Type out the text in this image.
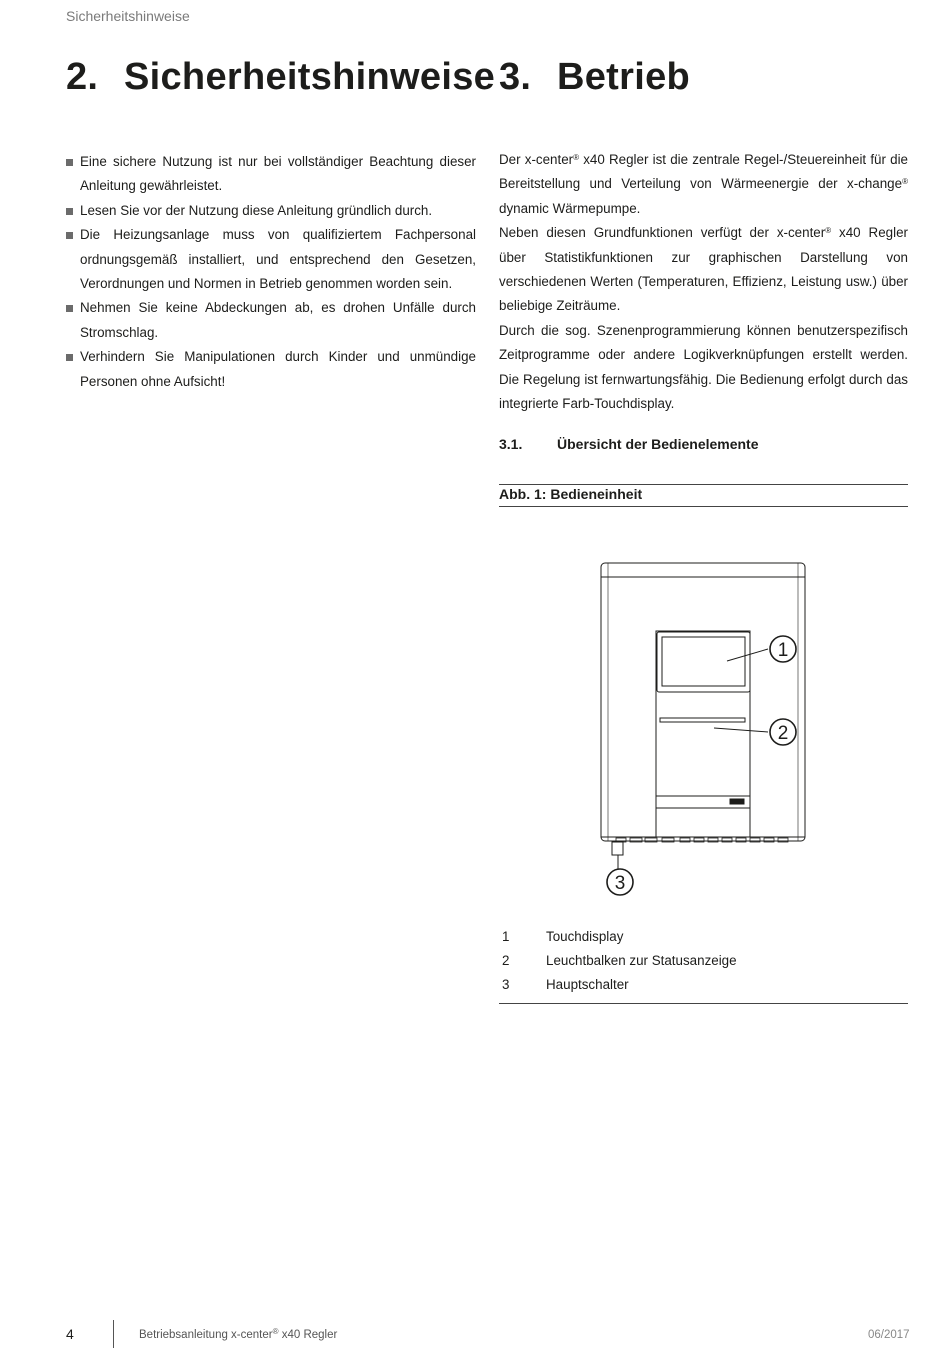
Sicherheitshinweise
2. Sicherheitshinweise 3. Betrieb
Eine sichere Nutzung ist nur bei vollständiger Beachtung dieser Anleitung gewährleistet.
Lesen Sie vor der Nutzung diese Anleitung gründlich durch.
Die Heizungsanlage muss von qualifiziertem Fachpersonal ordnungsgemäß installiert, und entsprechend den Gesetzen, Verordnungen und Normen in Betrieb genommen worden sein.
Nehmen Sie keine Abdeckungen ab, es drohen Unfälle durch Stromschlag.
Verhindern Sie Manipulationen durch Kinder und unmündige Personen ohne Aufsicht!

Der x-center® x40 Regler ist die zentrale Regel-/Steuereinheit für die Bereitstellung und Verteilung von Wärmeenergie der x-change® dynamic Wärmepumpe.

Neben diesen Grundfunktionen verfügt der x-center® x40 Regler über Statistikfunktionen zur graphischen Darstellung von verschiedenen Werten (Temperaturen, Effizienz, Leistung usw.) über beliebige Zeiträume.

Durch die sog. Szenenprogrammierung können benutzerspezifisch Zeitprogramme oder andere Logikverknüpfungen erstellt werden. Die Regelung ist fernwartungsfähig. Die Bedienung erfolgt durch das integrierte Farb-Touchdisplay.

3.1. Übersicht der Bedienelemente
Abb. 1: Bedieneinheit
1
2
3
1	Touchdisplay
2	Leuchtbalken zur Statusanzeige
3	Hauptschalter
4	Betriebsanleitung x-center® x40 Regler	06/2017
